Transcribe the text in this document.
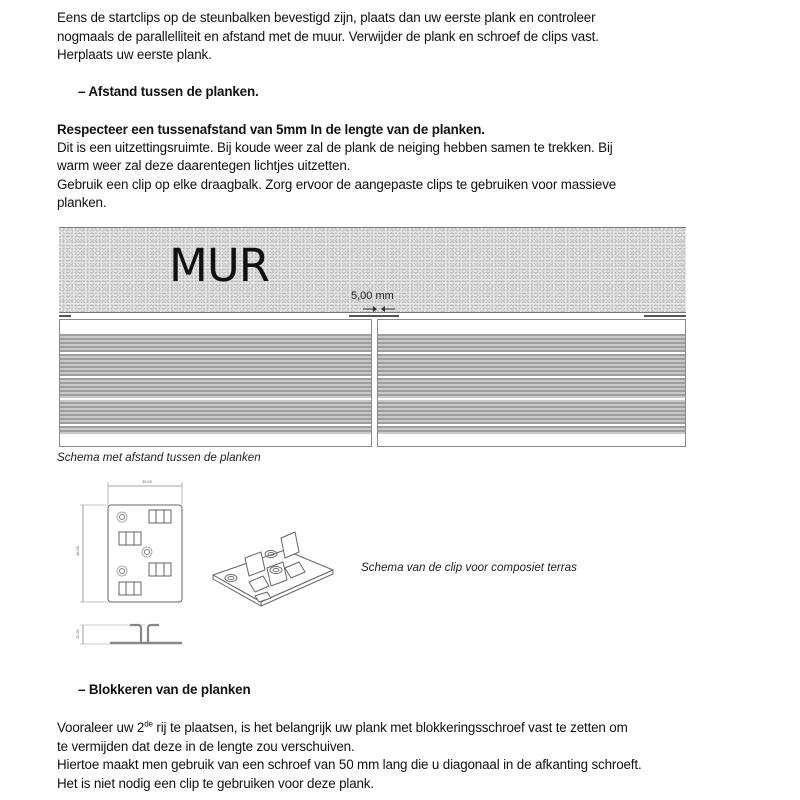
Eens de startclips op de steunbalken bevestigd zijn, plaats dan uw eerste plank en controleer

nogmaals de parallelliteit en afstand met de muur. Verwijder de plank en schroef de clips vast.

Herplaats uw eerste plank.

– Afstand tussen de planken.

Respecteer een tussenafstand van 5mm In de lengte van de planken.

Dit is een uitzettingsruimte. Bij koude weer zal de plank de neiging hebben samen te trekken. Bij

warm weer zal deze daarentegen lichtjes uitzetten.

Gebruik een clip op elke draagbalk. Zorg ervoor de aangepaste clips te gebruiken voor massieve

planken.

MUR
5,00 mm
Schema met afstand tussen de planken
35,00
48,00
11,00
Schema van de clip voor composiet terras

– Blokkeren van de planken

Vooraleer uw 2de rij te plaatsen, is het belangrijk uw plank met blokkeringsschroef vast te zetten om

te vermijden dat deze in de lengte zou verschuiven.

Hiertoe maakt men gebruik van een schroef van 50 mm lang die u diagonaal in de afkanting schroeft.

Het is niet nodig een clip te gebruiken voor deze plank.
